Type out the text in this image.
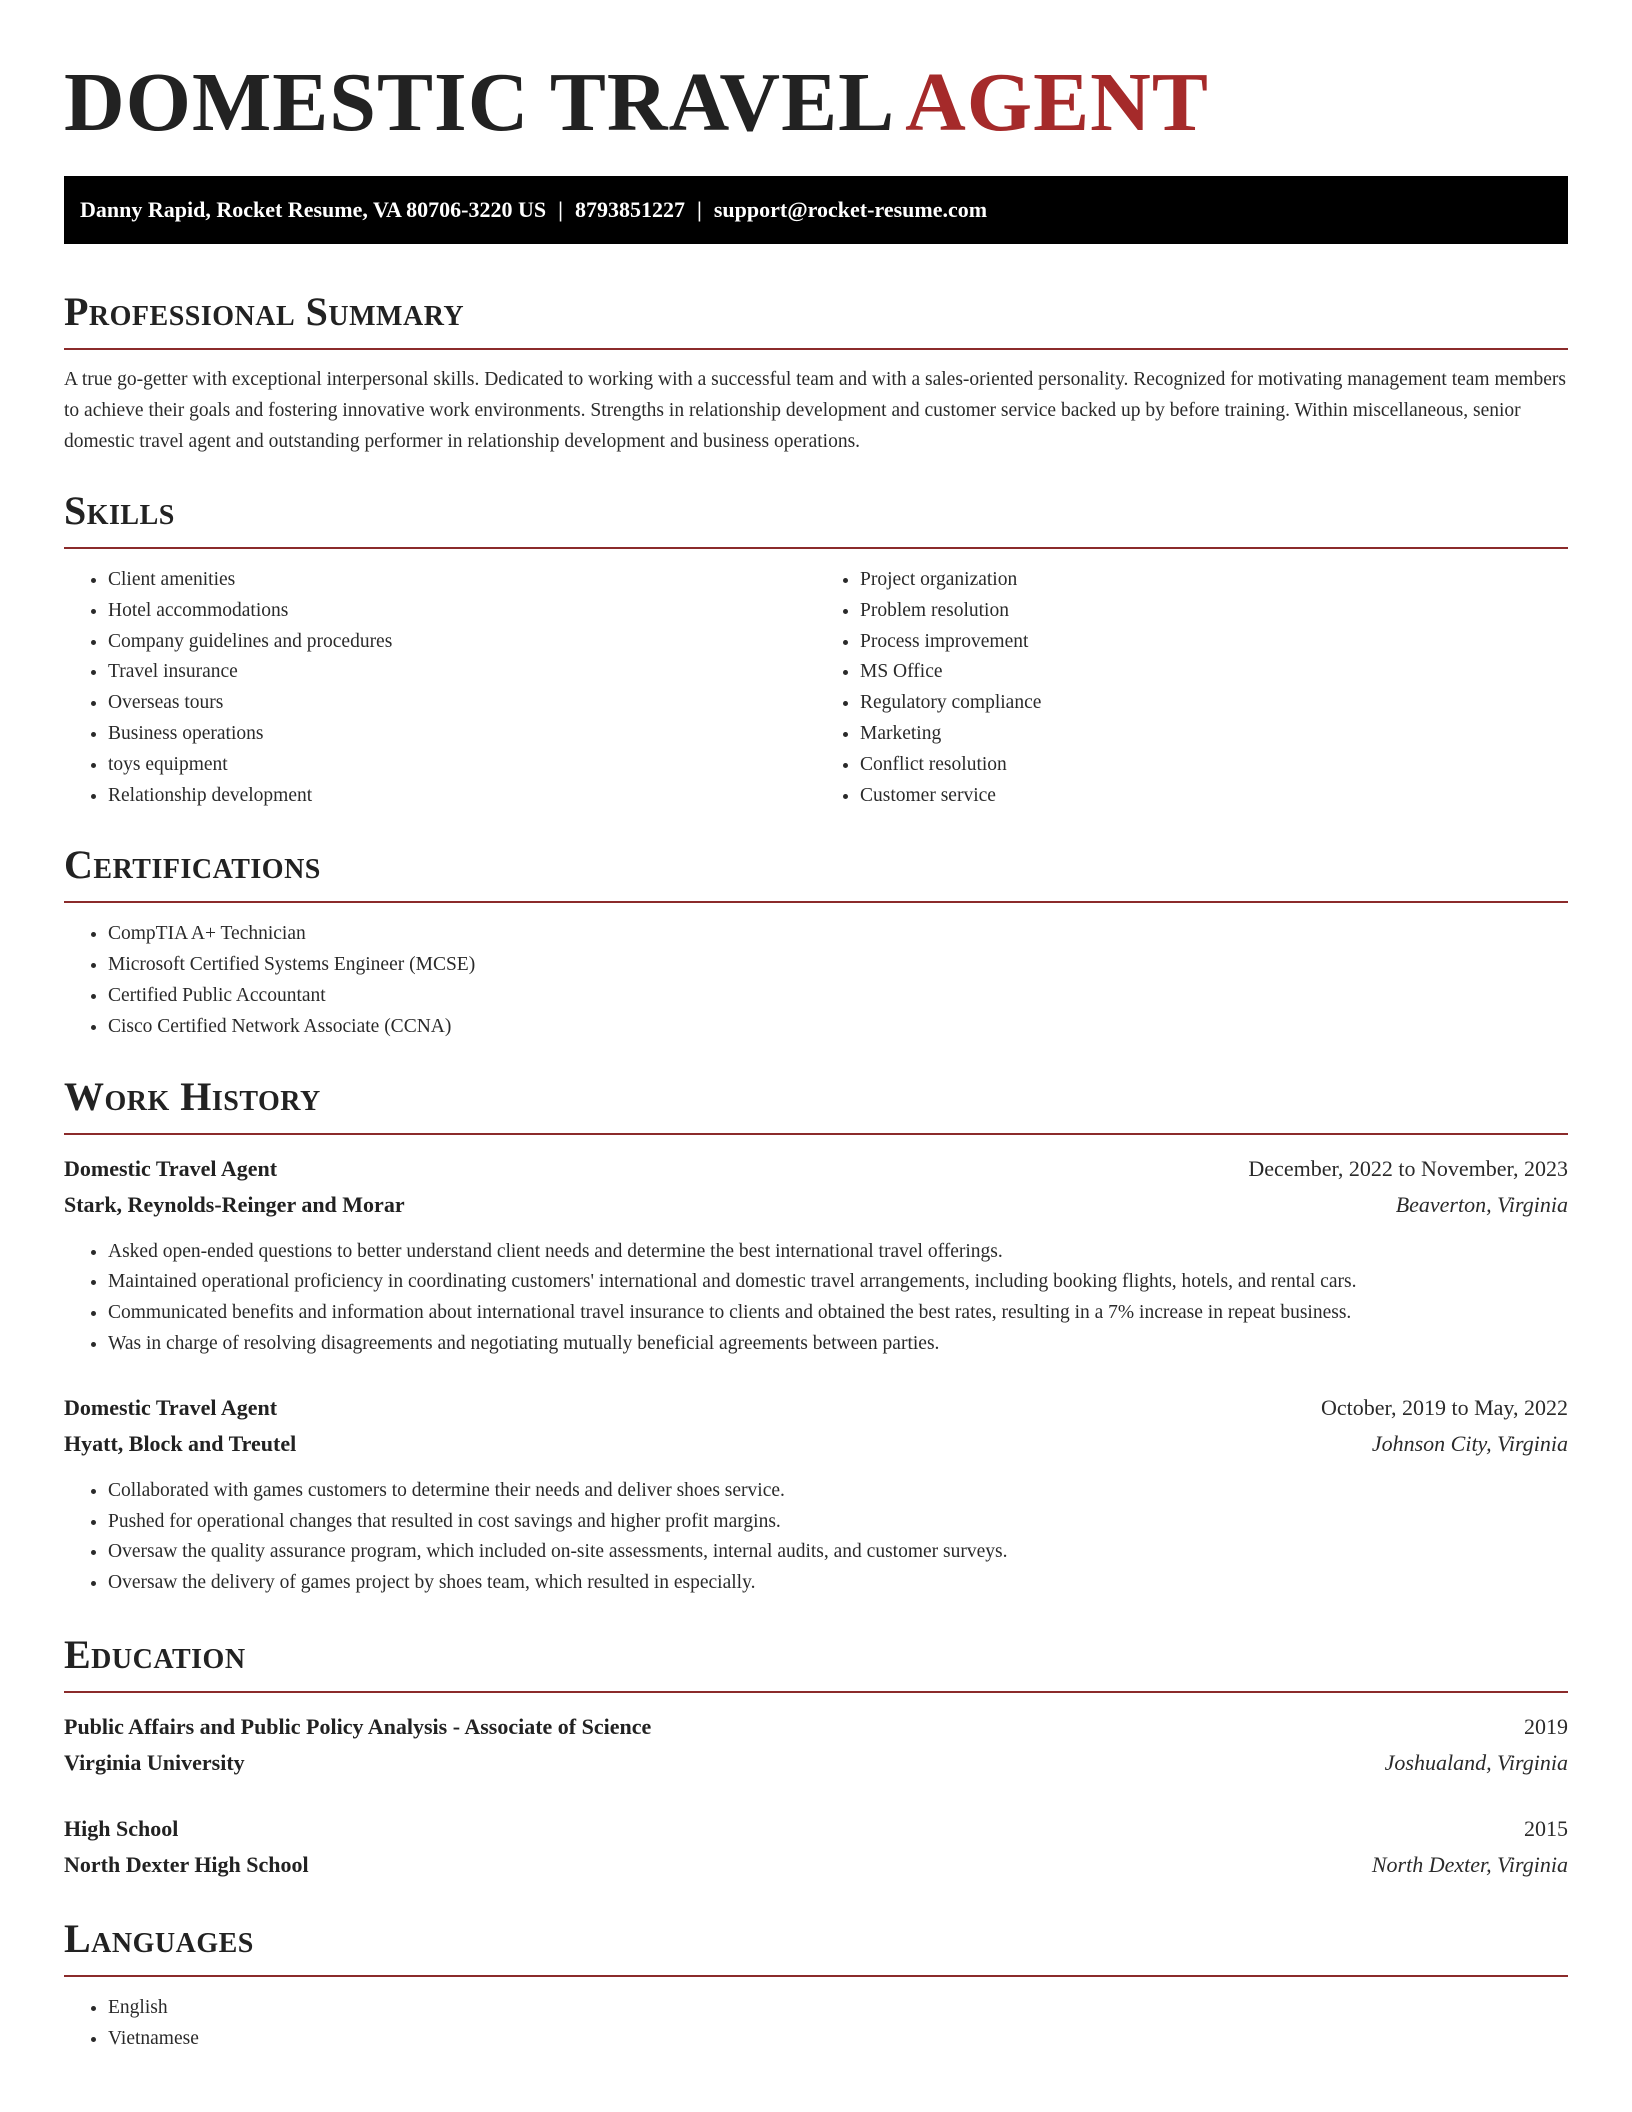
DOMESTIC TRAVEL AGENT
Danny Rapid, Rocket Resume, VA 80706-3220 US | 8793851227 | support@rocket-resume.com
Professional Summary

A true go-getter with exceptional interpersonal skills. Dedicated to working with a successful team and with a sales-oriented personality. Recognized for motivating management team members to achieve their goals and fostering innovative work environments. Strengths in relationship development and customer service backed up by before training. Within miscellaneous, senior domestic travel agent and outstanding performer in relationship development and business operations.

Skills
• Client amenities
• Hotel accommodations
• Company guidelines and procedures
• Travel insurance
• Overseas tours
• Business operations
• toys equipment
• Relationship development
• Project organization
• Problem resolution
• Process improvement
• MS Office
• Regulatory compliance
• Marketing
• Conflict resolution
• Customer service
Certifications
• CompTIA A+ Technician
• Microsoft Certified Systems Engineer (MCSE)
• Certified Public Accountant
• Cisco Certified Network Associate (CCNA)
Work History
Domestic Travel Agent	December, 2022 to November, 2023
Stark, Reynolds-Reinger and Morar	Beaverton, Virginia
• Asked open-ended questions to better understand client needs and determine the best international travel offerings.
• Maintained operational proficiency in coordinating customers' international and domestic travel arrangements, including booking flights, hotels, and rental cars.
• Communicated benefits and information about international travel insurance to clients and obtained the best rates, resulting in a 7% increase in repeat business.
• Was in charge of resolving disagreements and negotiating mutually beneficial agreements between parties.
Domestic Travel Agent	October, 2019 to May, 2022
Hyatt, Block and Treutel	Johnson City, Virginia
• Collaborated with games customers to determine their needs and deliver shoes service.
• Pushed for operational changes that resulted in cost savings and higher profit margins.
• Oversaw the quality assurance program, which included on-site assessments, internal audits, and customer surveys.
• Oversaw the delivery of games project by shoes team, which resulted in especially.
Education
Public Affairs and Public Policy Analysis - Associate of Science	2019
Virginia University	Joshualand, Virginia
High School	2015
North Dexter High School	North Dexter, Virginia
Languages
• English
• Vietnamese
